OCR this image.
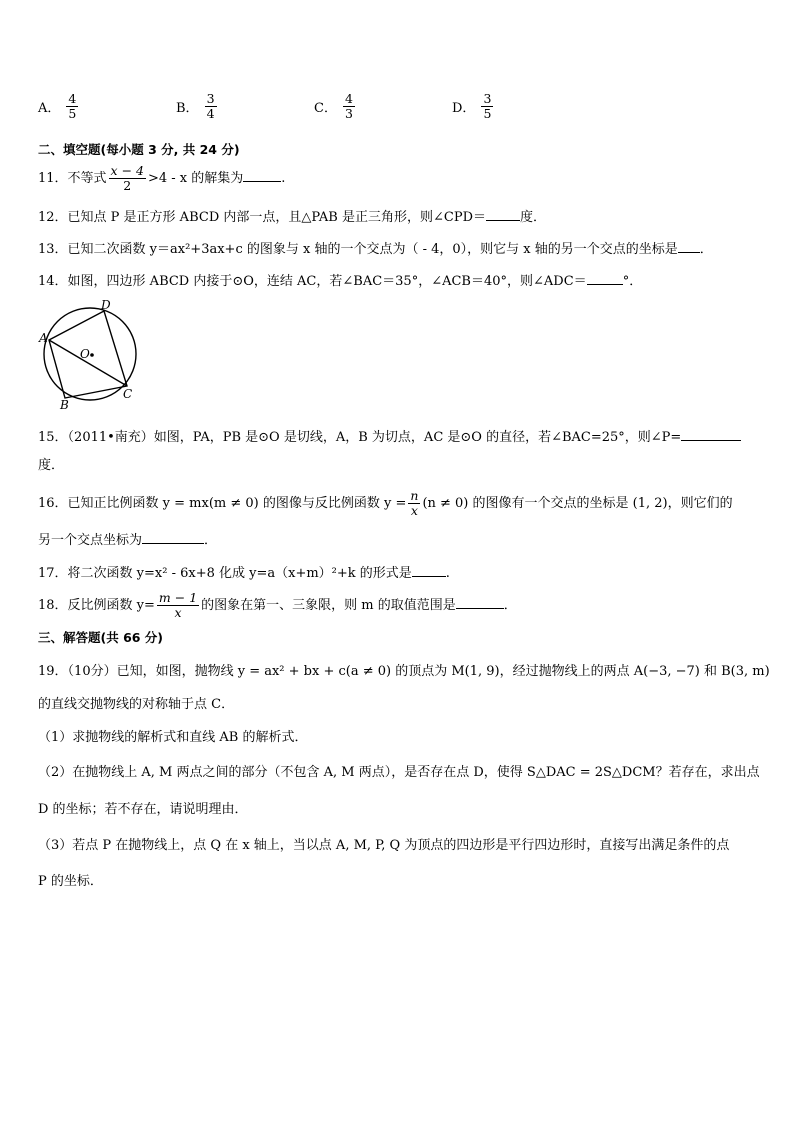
A． $\frac{4}{5}$	B． $\frac{3}{4}$	C． $\frac{4}{3}$	D． $\frac{3}{5}$
二、填空题(每小题 3 分, 共 24 分)
11．不等式 $\frac{x - 4}{2} >4 - x$ 的解集为	.
12．已知点 P 是正方形 ABCD 内部一点，且△PAB 是正三角形，则∠CPD＝	度．
13．已知二次函数 y＝ax²+3ax+c 的图象与 x 轴的一个交点为（ - 4，0），则它与 x 轴的另一个交点的坐标是 ．
14．如图，四边形 ABCD 内接于⊙O，连结 AC，若∠BAC＝35°，∠ACB＝40°，则∠ADC＝	°．
A
D
C
B
O
15．（2011•南充）如图，PA，PB 是⊙O 是切线，A，B 为切点，AC 是⊙O 的直径，若∠BAC=25°，则∠P=
度．
16．已知正比例函数 y = mx(m ≠ 0) 的图像与反比例函数 $y = \frac{n}{x} (n \ne 0)$ 的图像有一个交点的坐标是 (1, 2)，则它们的
另一个交点坐标为	．
17．将二次函数 y=x² - 6x+8 化成 y=a（x+m）²+k 的形式是	.
18．反比例函数 $y= \frac{m - 1}{x}$ 的图象在第一、三象限，则 m 的取值范围是	．
三、解答题(共 66 分)
19．（10分）已知，如图，抛物线 y = ax² + bx + c(a ≠ 0) 的顶点为 M(1, 9)，经过抛物线上的两点 A(−3, −7) 和 B(3, m)
的直线交抛物线的对称轴于点 C．
（1）求抛物线的解析式和直线 AB 的解析式．
（2）在抛物线上 A, M 两点之间的部分（不包含 A, M 两点），是否存在点 D，使得 S△DAC = 2S△DCM？若存在，求出点
D 的坐标；若不存在，请说明理由．
（3）若点 P 在抛物线上，点 Q 在 x 轴上，当以点 A, M, P, Q 为顶点的四边形是平行四边形时，直接写出满足条件的点
P 的坐标．
